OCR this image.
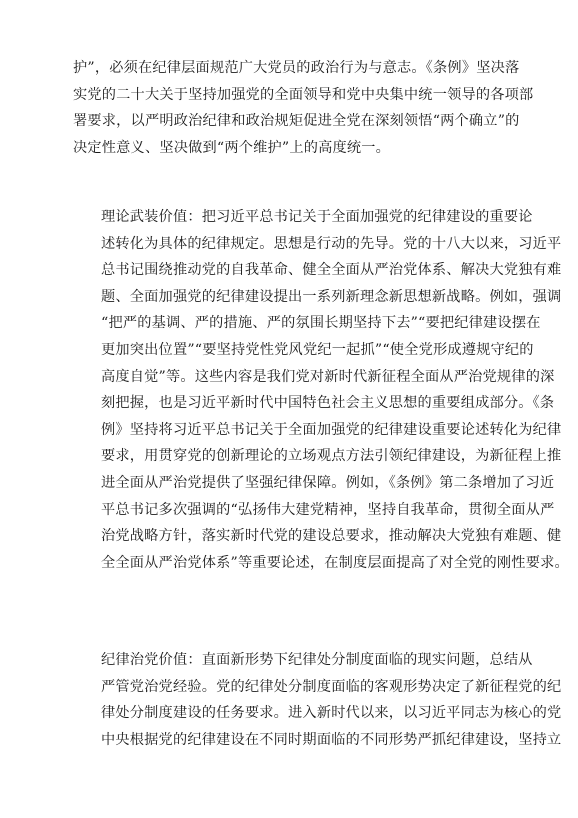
护”，必须在纪律层面规范广大党员的政治行为与意志。《条例》坚决落
实党的二十大关于坚持加强党的全面领导和党中央集中统一领导的各项部
署要求，以严明政治纪律和政治规矩促进全党在深刻领悟“两个确立”的
决定性意义、坚决做到“两个维护”上的高度统一。

理论武装价值：把习近平总书记关于全面加强党的纪律建设的重要论
述转化为具体的纪律规定。思想是行动的先导。党的十八大以来，习近平
总书记围绕推动党的自我革命、健全全面从严治党体系、解决大党独有难
题、全面加强党的纪律建设提出一系列新理念新思想新战略。例如，强调
“把严的基调、严的措施、严的氛围长期坚持下去”“要把纪律建设摆在
更加突出位置”“要坚持党性党风党纪一起抓”“使全党形成遵规守纪的
高度自觉”等。这些内容是我们党对新时代新征程全面从严治党规律的深
刻把握，也是习近平新时代中国特色社会主义思想的重要组成部分。《条
例》坚持将习近平总书记关于全面加强党的纪律建设重要论述转化为纪律
要求，用贯穿党的创新理论的立场观点方法引领纪律建设，为新征程上推
进全面从严治党提供了坚强纪律保障。例如，《条例》第二条增加了习近
平总书记多次强调的“弘扬伟大建党精神，坚持自我革命，贯彻全面从严
治党战略方针，落实新时代党的建设总要求，推动解决大党独有难题、健
全全面从严治党体系”等重要论述，在制度层面提高了对全党的刚性要求。

纪律治党价值：直面新形势下纪律处分制度面临的现实问题，总结从
严管党治党经验。党的纪律处分制度面临的客观形势决定了新征程党的纪
律处分制度建设的任务要求。进入新时代以来，以习近平同志为核心的党
中央根据党的纪律建设在不同时期面临的不同形势严抓纪律建设，坚持立
